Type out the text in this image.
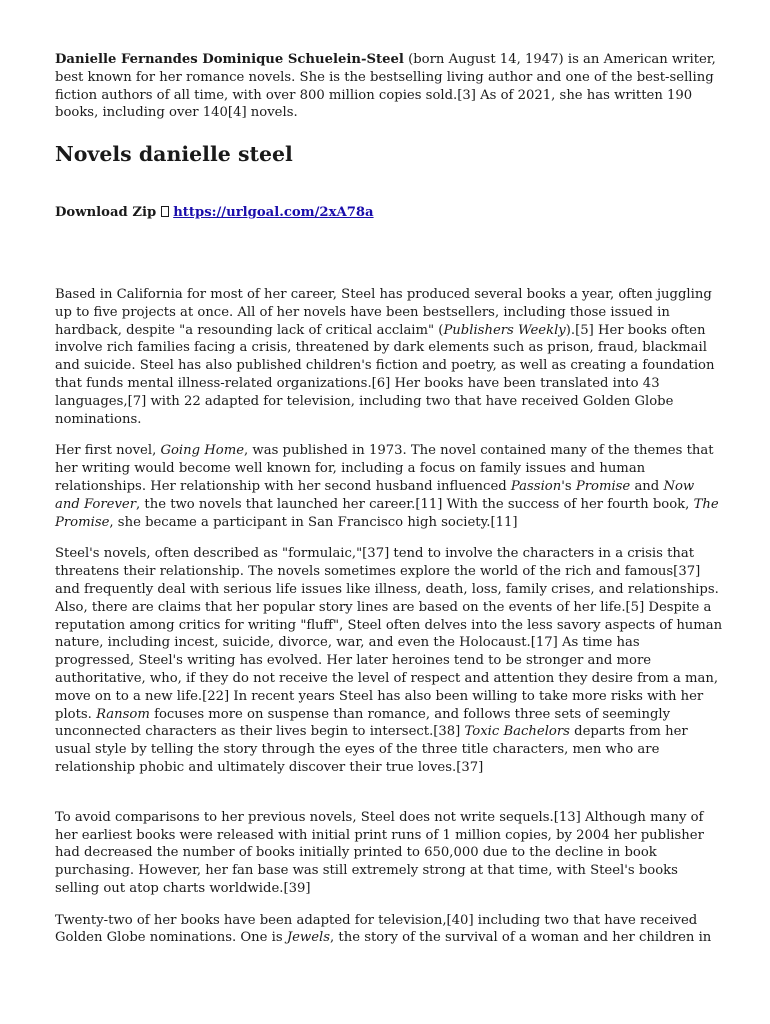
Danielle Fernandes Dominique Schuelein-Steel (born August 14, 1947) is an American writer, best known for her romance novels. She is the bestselling living author and one of the best-selling fiction authors of all time, with over 800 million copies sold.[3] As of 2021, she has written 190 books, including over 140[4] novels.

Novels danielle steel

Download Zip https://urlgoal.com/2xA78a

Based in California for most of her career, Steel has produced several books a year, often juggling up to five projects at once. All of her novels have been bestsellers, including those issued in hardback, despite "a resounding lack of critical acclaim" (Publishers Weekly).[5] Her books often involve rich families facing a crisis, threatened by dark elements such as prison, fraud, blackmail and suicide. Steel has also published children's fiction and poetry, as well as creating a foundation that funds mental illness-related organizations.[6] Her books have been translated into 43 languages,[7] with 22 adapted for television, including two that have received Golden Globe nominations.

Her first novel, Going Home, was published in 1973. The novel contained many of the themes that her writing would become well known for, including a focus on family issues and human relationships. Her relationship with her second husband influenced Passion's Promise and Now and Forever, the two novels that launched her career.[11] With the success of her fourth book, The Promise, she became a participant in San Francisco high society.[11]

Steel's novels, often described as "formulaic,"[37] tend to involve the characters in a crisis that threatens their relationship. The novels sometimes explore the world of the rich and famous[37] and frequently deal with serious life issues like illness, death, loss, family crises, and relationships. Also, there are claims that her popular story lines are based on the events of her life.[5] Despite a reputation among critics for writing "fluff", Steel often delves into the less savory aspects of human nature, including incest, suicide, divorce, war, and even the Holocaust.[17] As time has progressed, Steel's writing has evolved. Her later heroines tend to be stronger and more authoritative, who, if they do not receive the level of respect and attention they desire from a man, move on to a new life.[22] In recent years Steel has also been willing to take more risks with her plots. Ransom focuses more on suspense than romance, and follows three sets of seemingly unconnected characters as their lives begin to intersect.[38] Toxic Bachelors departs from her usual style by telling the story through the eyes of the three title characters, men who are relationship phobic and ultimately discover their true loves.[37]

To avoid comparisons to her previous novels, Steel does not write sequels.[13] Although many of her earliest books were released with initial print runs of 1 million copies, by 2004 her publisher had decreased the number of books initially printed to 650,000 due to the decline in book purchasing. However, her fan base was still extremely strong at that time, with Steel's books selling out atop charts worldwide.[39]

Twenty-two of her books have been adapted for television,[40] including two that have received Golden Globe nominations. One is Jewels, the story of the survival of a woman and her children in
